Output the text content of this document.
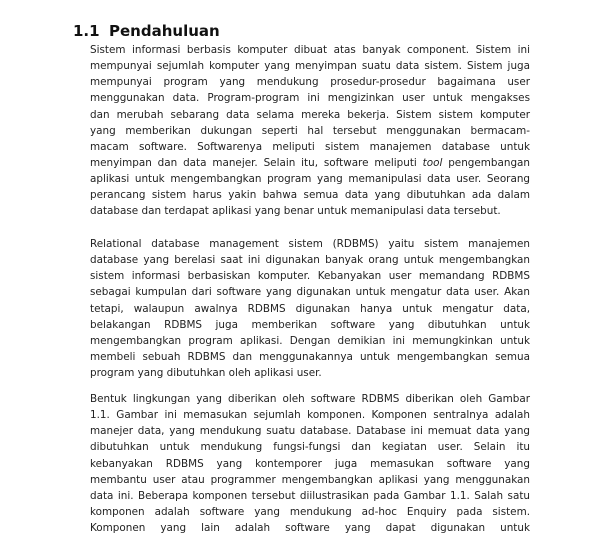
1.1 Pendahuluan
Sistem informasi berbasis komputer dibuat atas banyak component. Sistem ini
mempunyai sejumlah komputer yang menyimpan suatu data sistem. Sistem juga
mempunyai program yang mendukung prosedur-prosedur bagaimana user
menggunakan data. Program-program ini mengizinkan user untuk mengakses
dan merubah sebarang data selama mereka bekerja. Sistem sistem komputer
yang memberikan dukungan seperti hal tersebut menggunakan bermacam-
macam software. Softwarenya meliputi sistem manajemen database untuk
menyimpan dan data manejer. Selain itu, software meliputi tool pengembangan
aplikasi untuk mengembangkan program yang memanipulasi data user. Seorang
perancang sistem harus yakin bahwa semua data yang dibutuhkan ada dalam
database dan terdapat aplikasi yang benar untuk memanipulasi data tersebut.
Relational database management sistem (RDBMS) yaitu sistem manajemen
database yang berelasi saat ini digunakan banyak orang untuk mengembangkan
sistem informasi berbasiskan komputer. Kebanyakan user memandang RDBMS
sebagai kumpulan dari software yang digunakan untuk mengatur data user. Akan
tetapi, walaupun awalnya RDBMS digunakan hanya untuk mengatur data,
belakangan RDBMS juga memberikan software yang dibutuhkan untuk
mengembangkan program aplikasi. Dengan demikian ini memungkinkan untuk
membeli sebuah RDBMS dan menggunakannya untuk mengembangkan semua
program yang dibutuhkan oleh aplikasi user.
Bentuk lingkungan yang diberikan oleh software RDBMS diberikan oleh Gambar
1.1. Gambar ini memasukan sejumlah komponen. Komponen sentralnya adalah
manejer data, yang mendukung suatu database. Database ini memuat data yang
dibutuhkan untuk mendukung fungsi-fungsi dan kegiatan user. Selain itu
kebanyakan RDBMS yang kontemporer juga memasukan software yang
membantu user atau programmer mengembangkan aplikasi yang menggunakan
data ini. Beberapa komponen tersebut diilustrasikan pada Gambar 1.1. Salah satu
komponen adalah software yang mendukung ad-hoc Enquiry pada sistem.
Komponen yang lain adalah software yang dapat digunakan untuk
